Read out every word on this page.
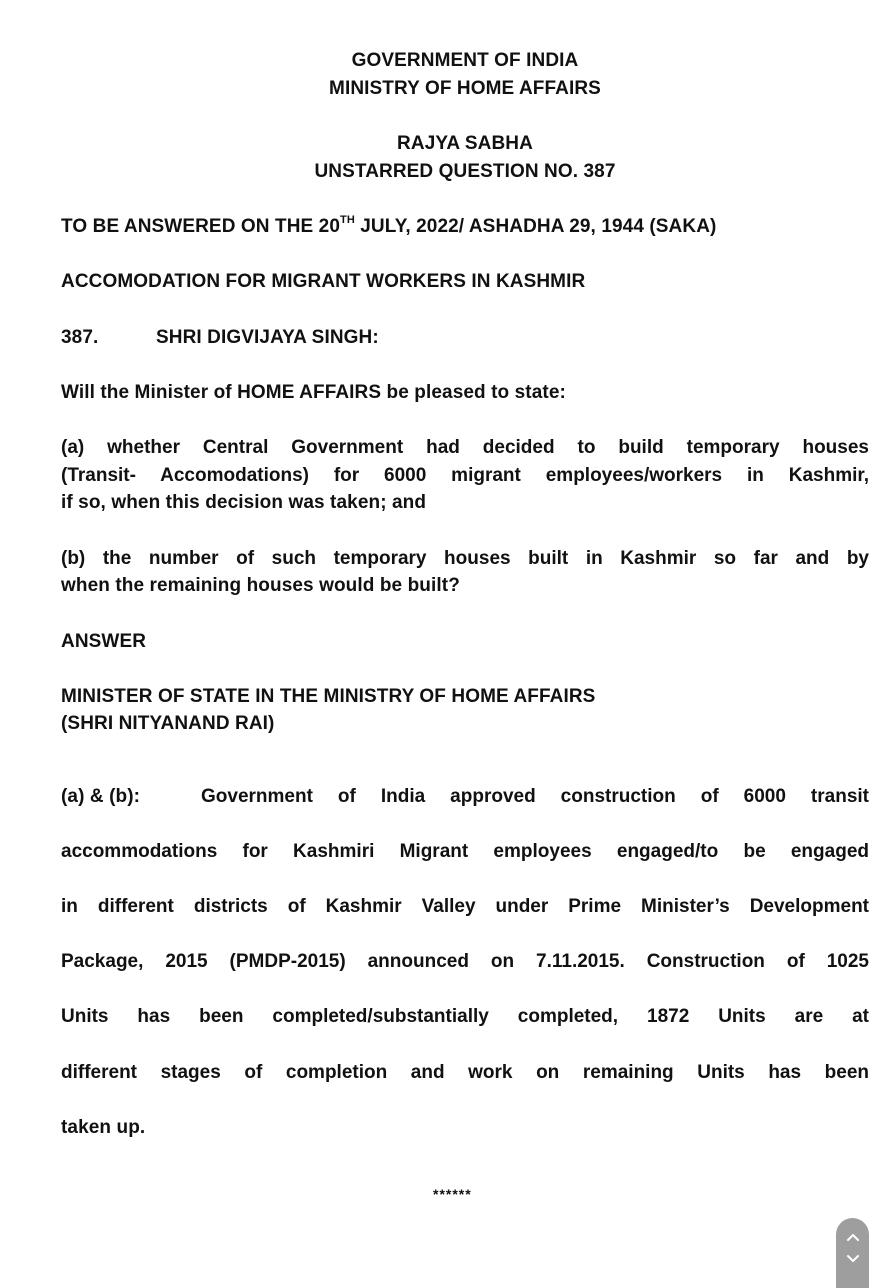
GOVERNMENT OF INDIA
MINISTRY OF HOME AFFAIRS
RAJYA SABHA
UNSTARRED QUESTION NO. 387
TO BE ANSWERED ON THE 20TH JULY, 2022/ ASHADHA 29, 1944 (SAKA)
ACCOMODATION FOR MIGRANT WORKERS IN KASHMIR
387.	SHRI DIGVIJAYA SINGH:
Will the Minister of HOME AFFAIRS be pleased to state:
(a) whether Central Government had decided to build temporary houses
(Transit- Accomodations) for 6000 migrant employees/workers in Kashmir,
if so, when this decision was taken; and
(b) the number of such temporary houses built in Kashmir so far and by
when the remaining houses would be built?
ANSWER
MINISTER OF STATE IN THE MINISTRY OF HOME AFFAIRS
(SHRI NITYANAND RAI)
(a) & (b):	Government of India approved construction of 6000 transit
accommodations for Kashmiri Migrant employees engaged/to be engaged
in different districts of Kashmir Valley under Prime Minister’s Development
Package, 2015 (PMDP-2015) announced on 7.11.2015. Construction of 1025
Units has been completed/substantially completed, 1872 Units are at
different stages of completion and work on remaining Units has been
taken up.
******
